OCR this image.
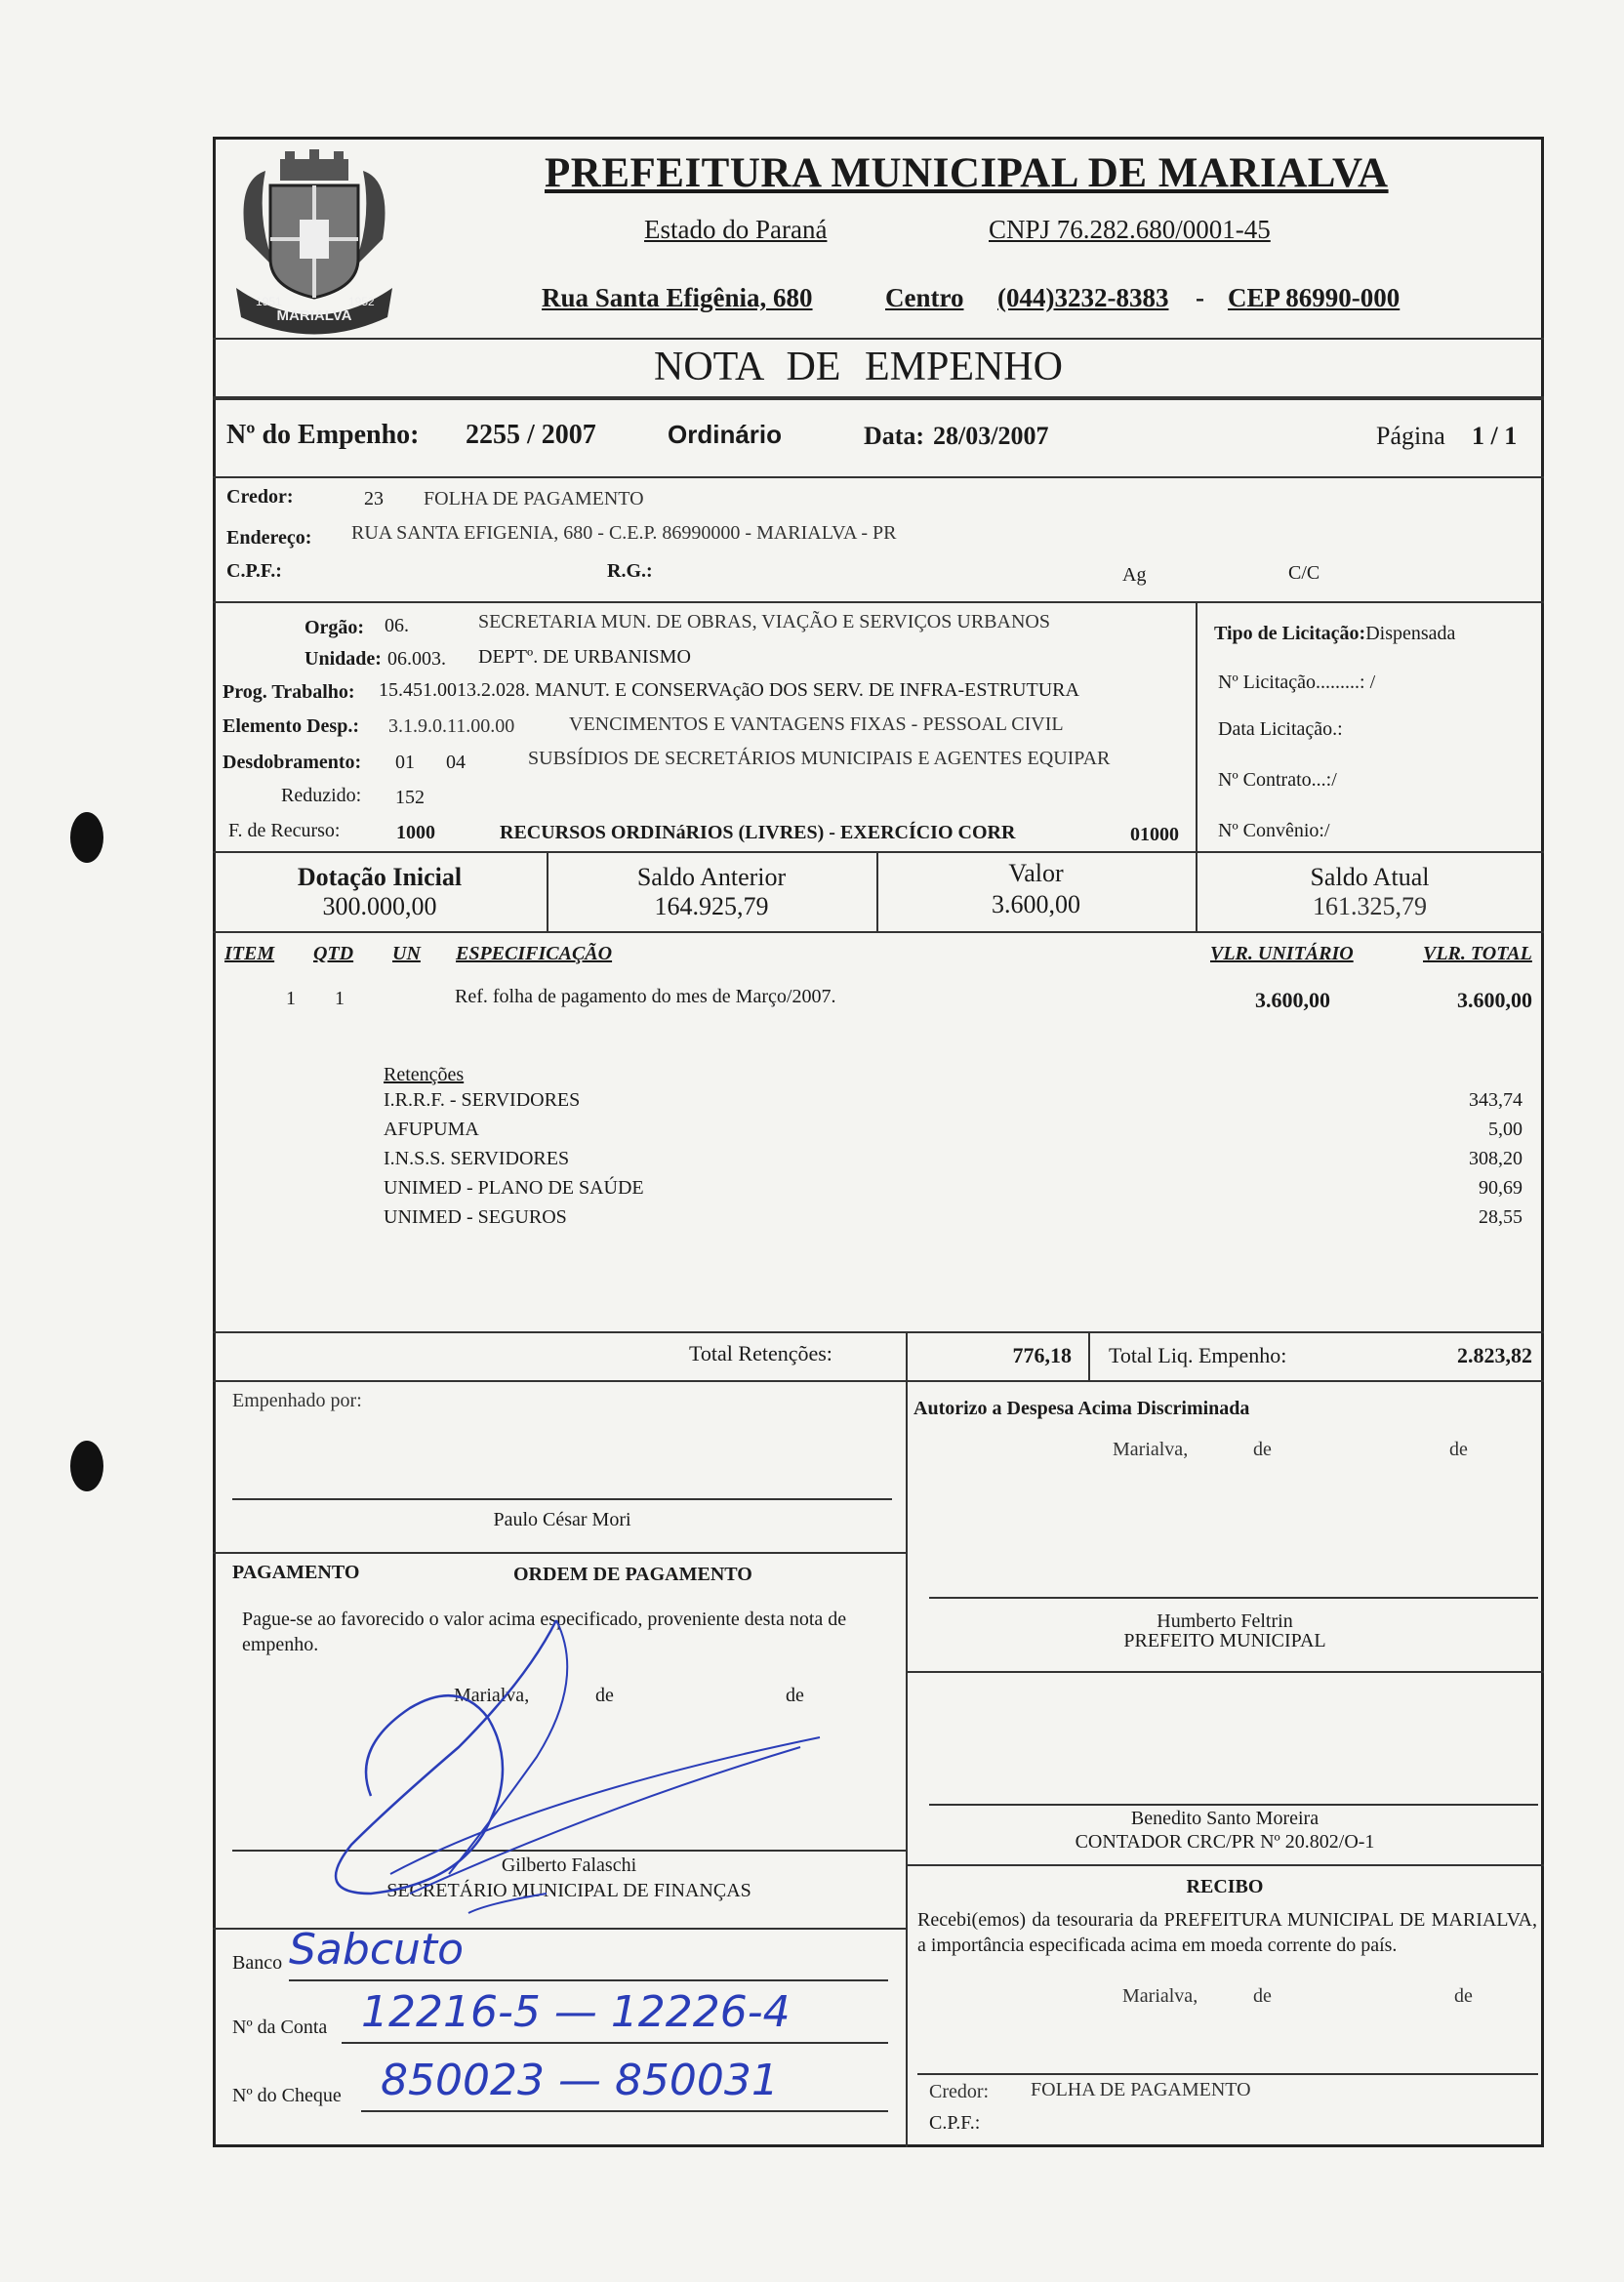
MARIALVA
1951	1952
PREFEITURA MUNICIPAL DE MARIALVA
Estado do Paraná	CNPJ 76.282.680/0001-45
Rua Santa Efigênia, 680	Centro (044)3232-8383 - CEP 86990-000
NOTA DE EMPENHO
Nº do Empenho: 2255 / 2007	Ordinário	Data: 28/03/2007	Página 1 / 1
Credor:	23 FOLHA DE PAGAMENTO
Endereço: RUA SANTA EFIGENIA, 680 - C.E.P. 86990000 - MARIALVA - PR
C.P.F.:	R.G.:	Ag	C/C
Orgão: 06.	SECRETARIA MUN. DE OBRAS, VIAÇÃO E SERVIÇOS URBANOS
Unidade: 06.003. DEPTº. DE URBANISMO
Prog. Trabalho: 15.451.0013.2.028. MANUT. E CONSERVAçãO DOS SERV. DE INFRA-ESTRUTURA
Elemento Desp.: 3.1.9.0.11.00.00	VENCIMENTOS E VANTAGENS FIXAS - PESSOAL CIVIL
Desdobramento: 01 04	SUBSÍDIOS DE SECRETÁRIOS MUNICIPAIS E AGENTES EQUIPAR
Reduzido: 152
F. de Recurso:	1000	RECURSOS ORDINáRIOS (LIVRES) - EXERCÍCIO CORR	01000
Tipo de Licitação:Dispensada
Nº Licitação.........: /
Data Licitação.:
Nº Contrato...:/
Nº Convênio:/
Dotação Inicial
300.000,00
Saldo Anterior
164.925,79
Valor
3.600,00
Saldo Atual
161.325,79
ITEM QTD UN ESPECIFICAÇÃO	VLR. UNITÁRIO	VLR. TOTAL
1 1	Ref. folha de pagamento do mes de Março/2007.	3.600,00	3.600,00
Retenções
I.R.R.F. - SERVIDORES	343,74
AFUPUMA	5,00
I.N.S.S. SERVIDORES	308,20
UNIMED - PLANO DE SAÚDE	90,69
UNIMED - SEGUROS	28,55
Total Retenções:	776,18 Total Liq. Empenho:	2.823,82
Empenhado por:
Paulo César Mori
PAGAMENTO	ORDEM DE PAGAMENTO
Pague-se ao favorecido o valor acima especificado, proveniente desta nota de empenho.
Marialva,	de	de
Gilberto Falaschi
SECRETÁRIO MUNICIPAL DE FINANÇAS
Banco Sabcuto
Nº da Conta 12216-5 — 12226-4
Nº do Cheque 850023 — 850031
Autorizo a Despesa Acima Discriminada
Marialva,	de	de
Humberto Feltrin
PREFEITO MUNICIPAL
Benedito Santo Moreira
CONTADOR CRC/PR Nº 20.802/O-1
RECIBO
Recebi(emos) da tesouraria da PREFEITURA MUNICIPAL DE MARIALVA, a importância especificada acima em moeda corrente do país.
Marialva,	de	de
Credor: FOLHA DE PAGAMENTO
C.P.F.:
